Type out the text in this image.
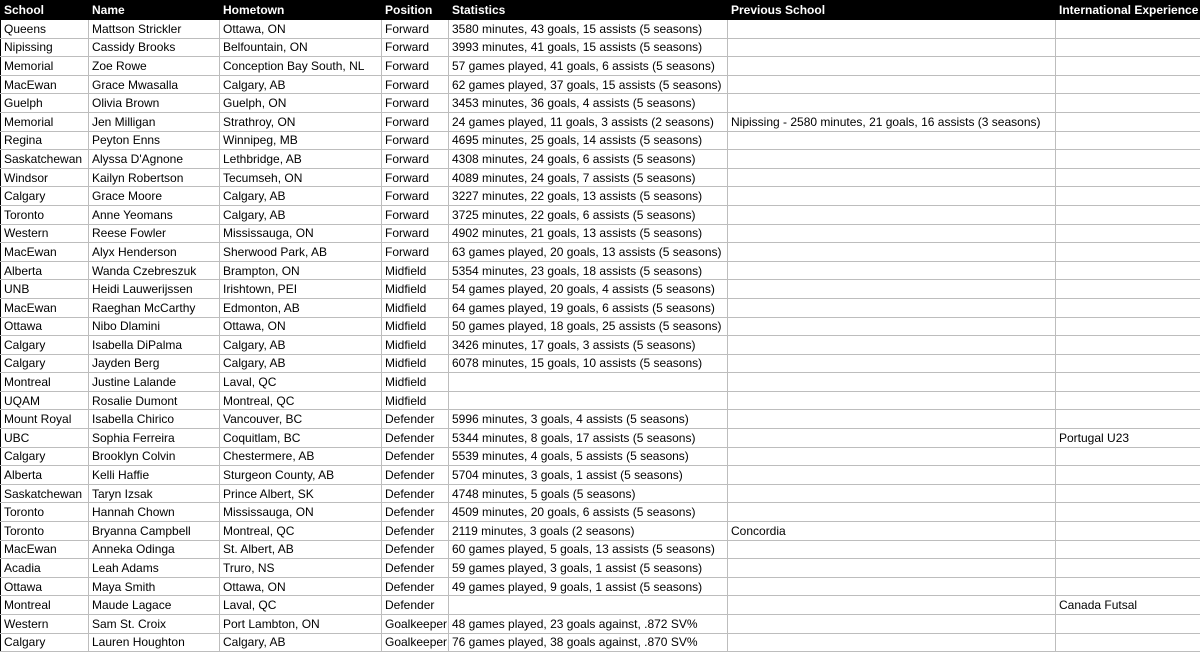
School	Name	Hometown	Position	Statistics	Previous School	International Experience
Queens	Mattson Strickler	Ottawa, ON	Forward	3580 minutes, 43 goals, 15 assists (5 seasons)		
Nipissing	Cassidy Brooks	Belfountain, ON	Forward	3993 minutes, 41 goals, 15 assists (5 seasons)		
Memorial	Zoe Rowe	Conception Bay South, NL	Forward	57 games played, 41 goals, 6 assists (5 seasons)		
MacEwan	Grace Mwasalla	Calgary, AB	Forward	62 games played, 37 goals, 15 assists (5 seasons)		
Guelph	Olivia Brown	Guelph, ON	Forward	3453 minutes, 36 goals, 4 assists (5 seasons)		
Memorial	Jen Milligan	Strathroy, ON	Forward	24 games played, 11 goals, 3 assists (2 seasons)	Nipissing - 2580 minutes, 21 goals, 16 assists (3 seasons)	
Regina	Peyton Enns	Winnipeg, MB	Forward	4695 minutes, 25 goals, 14 assists (5 seasons)		
Saskatchewan	Alyssa D'Agnone	Lethbridge, AB	Forward	4308 minutes, 24 goals, 6 assists (5 seasons)		
Windsor	Kailyn Robertson	Tecumseh, ON	Forward	4089 minutes, 24 goals, 7 assists (5 seasons)		
Calgary	Grace Moore	Calgary, AB	Forward	3227 minutes, 22 goals, 13 assists (5 seasons)		
Toronto	Anne Yeomans	Calgary, AB	Forward	3725 minutes, 22 goals, 6 assists (5 seasons)		
Western	Reese Fowler	Mississauga, ON	Forward	4902 minutes, 21 goals, 13 assists (5 seasons)		
MacEwan	Alyx Henderson	Sherwood Park, AB	Forward	63 games played, 20 goals, 13 assists (5 seasons)		
Alberta	Wanda Czebreszuk	Brampton, ON	Midfield	5354 minutes, 23 goals, 18 assists (5 seasons)		
UNB	Heidi Lauwerijssen	Irishtown, PEI	Midfield	54 games played, 20 goals, 4 assists (5 seasons)		
MacEwan	Raeghan McCarthy	Edmonton, AB	Midfield	64 games played, 19 goals, 6 assists (5 seasons)		
Ottawa	Nibo Dlamini	Ottawa, ON	Midfield	50 games played, 18 goals, 25 assists (5 seasons)		
Calgary	Isabella DiPalma	Calgary, AB	Midfield	3426 minutes, 17 goals, 3 assists (5 seasons)		
Calgary	Jayden Berg	Calgary, AB	Midfield	6078 minutes, 15 goals, 10 assists (5 seasons)		
Montreal	Justine Lalande	Laval, QC	Midfield			
UQAM	Rosalie Dumont	Montreal, QC	Midfield			
Mount Royal	Isabella Chirico	Vancouver, BC	Defender	5996 minutes, 3 goals, 4 assists (5 seasons)		
UBC	Sophia Ferreira	Coquitlam, BC	Defender	5344 minutes, 8 goals, 17 assists (5 seasons)		Portugal U23
Calgary	Brooklyn Colvin	Chestermere, AB	Defender	5539 minutes, 4 goals, 5 assists (5 seasons)		
Alberta	Kelli Haffie	Sturgeon County, AB	Defender	5704 minutes, 3 goals, 1 assist (5 seasons)		
Saskatchewan	Taryn Izsak	Prince Albert, SK	Defender	4748 minutes, 5 goals (5 seasons)		
Toronto	Hannah Chown	Mississauga, ON	Defender	4509 minutes, 20 goals, 6 assists (5 seasons)		
Toronto	Bryanna Campbell	Montreal, QC	Defender	2119 minutes, 3 goals (2 seasons)	Concordia	
MacEwan	Anneka Odinga	St. Albert, AB	Defender	60 games played, 5 goals, 13 assists (5 seasons)		
Acadia	Leah Adams	Truro, NS	Defender	59 games played, 3 goals, 1 assist (5 seasons)		
Ottawa	Maya Smith	Ottawa, ON	Defender	49 games played, 9 goals, 1 assist (5 seasons)		
Montreal	Maude Lagace	Laval, QC	Defender			Canada Futsal
Western	Sam St. Croix	Port Lambton, ON	Goalkeeper	48 games played, 23 goals against, .872 SV%		
Calgary	Lauren Houghton	Calgary, AB	Goalkeeper	76 games played, 38 goals against, .870 SV%		
